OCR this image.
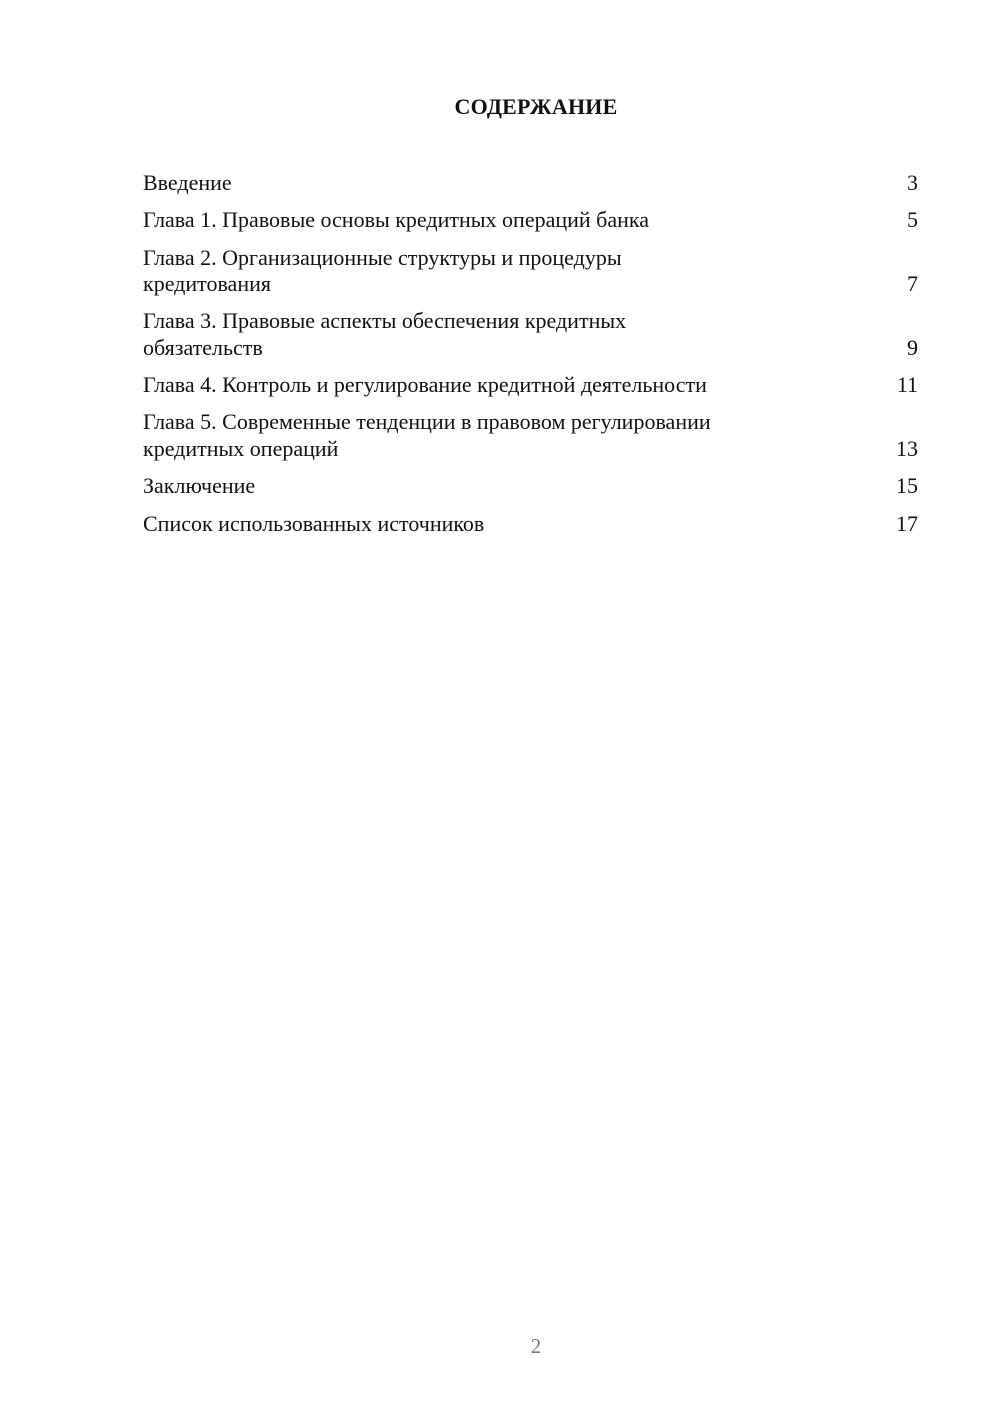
СОДЕРЖАНИЕ
Введение	3
Глава 1. Правовые основы кредитных операций банка	5
Глава 2. Организационные структуры и процедуры
кредитования	7
Глава 3. Правовые аспекты обеспечения кредитных
обязательств	9
Глава 4. Контроль и регулирование кредитной деятельности	11
Глава 5. Современные тенденции в правовом регулировании
кредитных операций	13
Заключение	15
Список использованных источников	17
2
